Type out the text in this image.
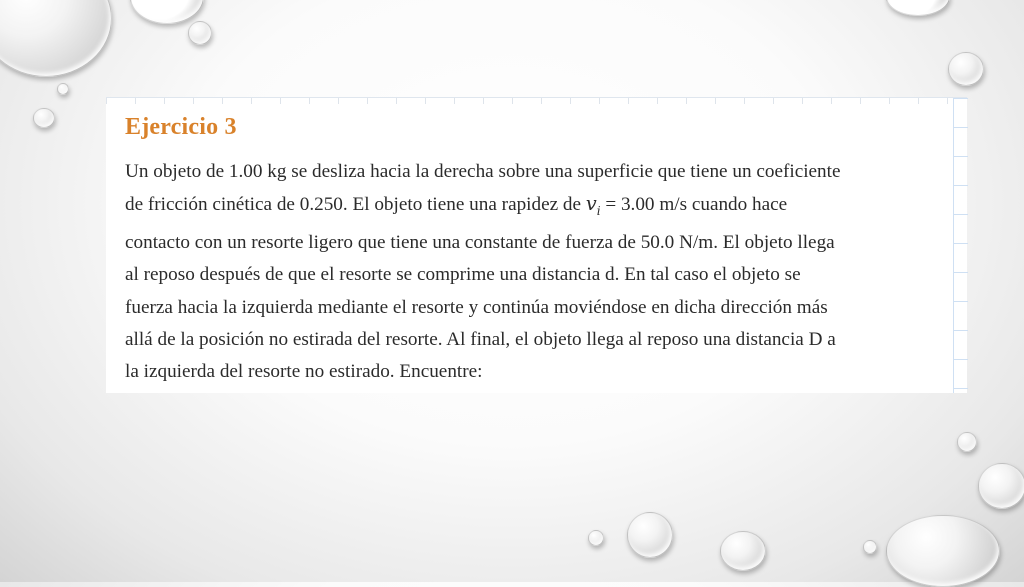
Ejercicio 3
Un objeto de 1.00 kg se desliza hacia la derecha sobre una superficie que tiene un coeficiente
de fricción cinética de 0.250. El objeto tiene una rapidez de $v_i = 3.00$ m/s cuando hace
contacto con un resorte ligero que tiene una constante de fuerza de 50.0 N/m. El objeto llega
al reposo después de que el resorte se comprime una distancia d. En tal caso el objeto se
fuerza hacia la izquierda mediante el resorte y continúa moviéndose en dicha dirección más
allá de la posición no estirada del resorte. Al final, el objeto llega al reposo una distancia D a
la izquierda del resorte no estirado. Encuentre:
